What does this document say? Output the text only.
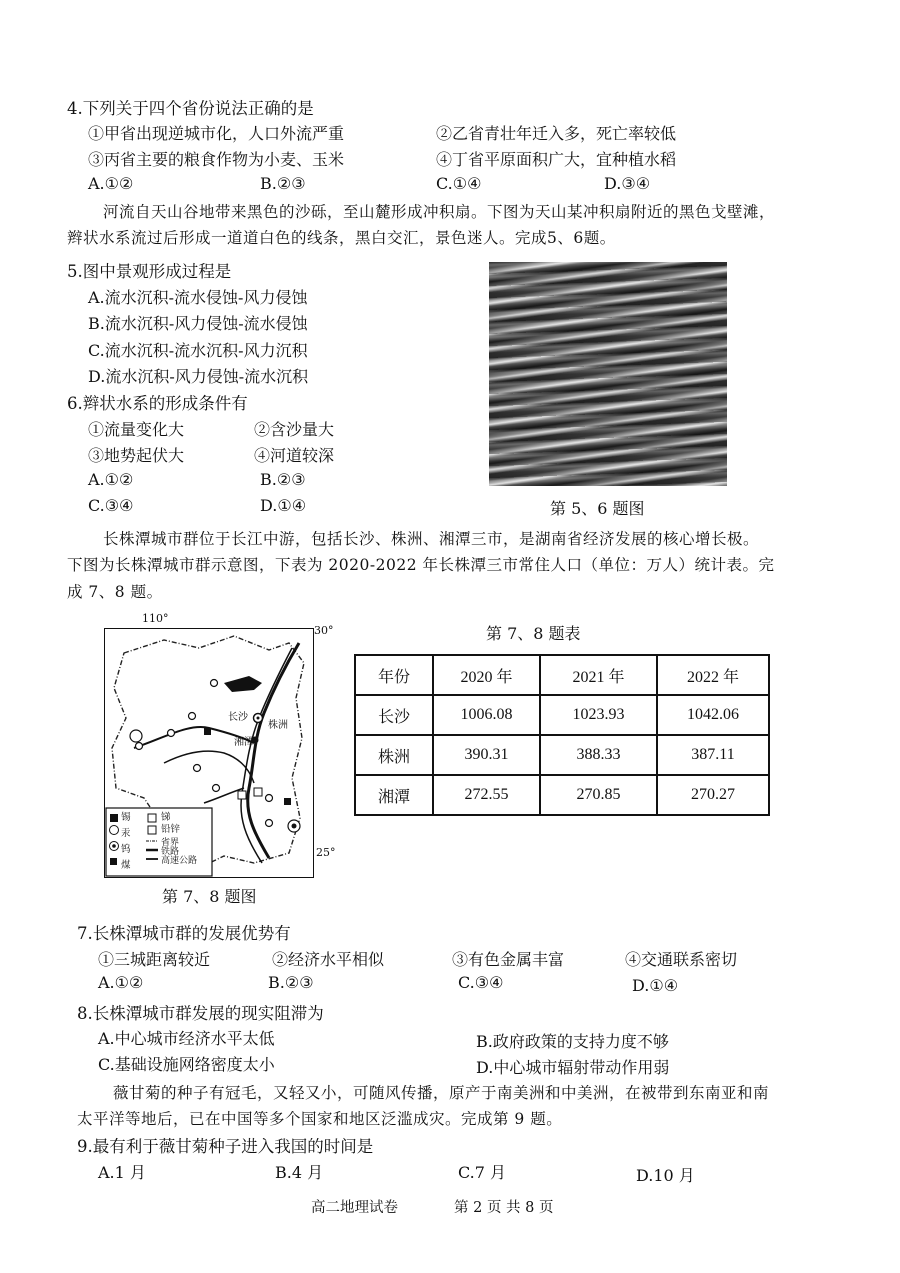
4.下列关于四个省份说法正确的是
①甲省出现逆城市化，人口外流严重	②乙省青壮年迁入多，死亡率较低
③丙省主要的粮食作物为小麦、玉米	④丁省平原面积广大，宜种植水稻
A.①②	B.②③	C.①④	D.③④
河流自天山谷地带来黑色的沙砾，至山麓形成冲积扇。下图为天山某冲积扇附近的黑色戈壁滩，
辫状水系流过后形成一道道白色的线条，黑白交汇，景色迷人。完成5、6题。
5.图中景观形成过程是
A.流水沉积-流水侵蚀-风力侵蚀
B.流水沉积-风力侵蚀-流水侵蚀
C.流水沉积-流水沉积-风力沉积
D.流水沉积-风力侵蚀-流水沉积
6.辫状水系的形成条件有
①流量变化大	②含沙量大
③地势起伏大	④河道较深
A.①②	B.②③
C.③④	D.①④	第 5、6 题图
长株潭城市群位于长江中游，包括长沙、株洲、湘潭三市，是湖南省经济发展的核心增长极。
下图为长株潭城市群示意图，下表为 2020-2022 年长株潭三市常住人口（单位：万人）统计表。完
成 7、8 题。
110°
30°
25°
长沙
株洲
湘潭
锡
汞
钨
煤
锑
铅锌
省界
铁路
高速公路
第 7、8 题图
第 7、8 题表
年份	2020 年	2021 年	2022 年
长沙	1006.08	1023.93	1042.06
株洲	390.31	388.33	387.11
湘潭	272.55	270.85	270.27
7.长株潭城市群的发展优势有
①三城距离较近	②经济水平相似	③有色金属丰富	④交通联系密切
A.①②	B.②③	C.③④	D.①④
8.长株潭城市群发展的现实阻滞为
A.中心城市经济水平太低	B.政府政策的支持力度不够
C.基础设施网络密度太小	D.中心城市辐射带动作用弱
薇甘菊的种子有冠毛，又轻又小，可随风传播，原产于南美洲和中美洲，在被带到东南亚和南
太平洋等地后，已在中国等多个国家和地区泛滥成灾。完成第 9 题。
9.最有利于薇甘菊种子进入我国的时间是
A.1 月	B.4 月	C.7 月	D.10 月
高二地理试卷	第 2 页 共 8 页
